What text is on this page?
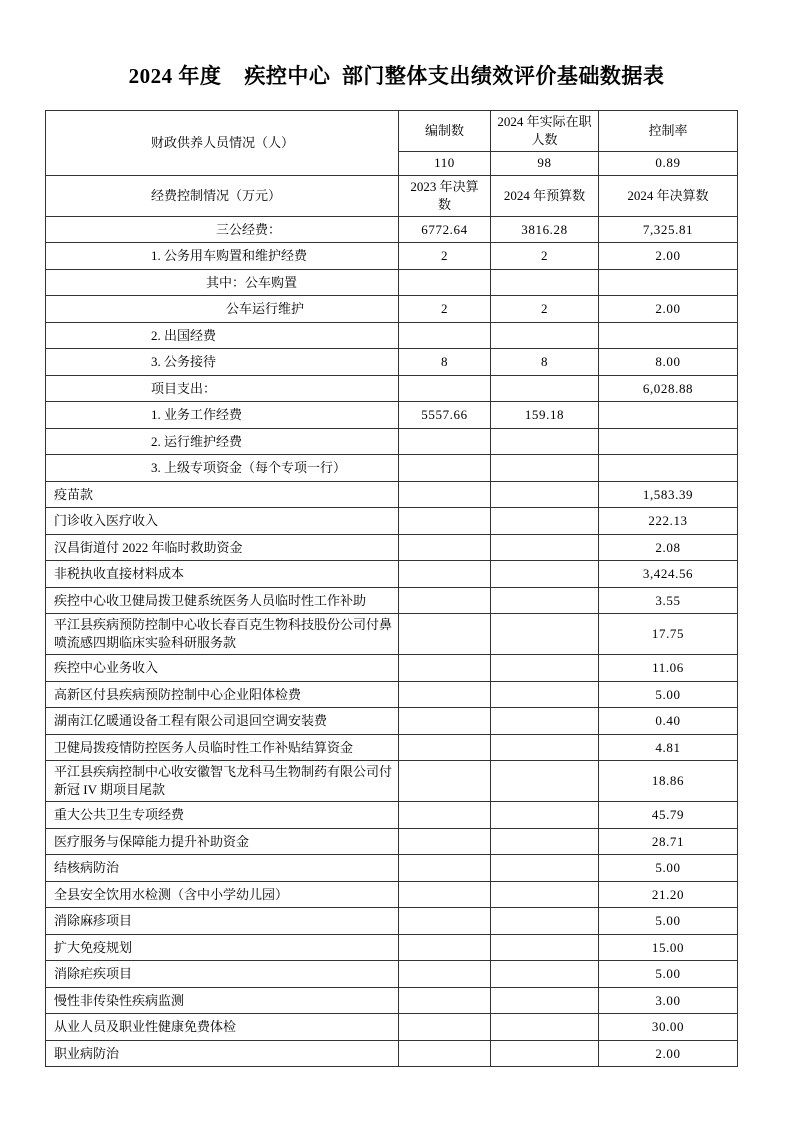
2024 年度    疾控中心  部门整体支出绩效评价基础数据表
财政供养人员情况（人）	编制数	2024 年实际在职人数	控制率
	110	98	0.89
经费控制情况（万元）	2023 年决算数	2024 年预算数	2024 年决算数
三公经费：	6772.64	3816.28	7,325.81
1. 公务用车购置和维护经费	2	2	2.00
其中：公车购置			
公车运行维护	2	2	2.00
2. 出国经费			
3. 公务接待	8	8	8.00
项目支出：			6,028.88
1. 业务工作经费	5557.66	159.18	
2. 运行维护经费			
3. 上级专项资金（每个专项一行）			
疫苗款			1,583.39
门诊收入医疗收入			222.13
汉昌街道付 2022 年临时救助资金			2.08
非税执收直接材料成本			3,424.56
疾控中心收卫健局拨卫健系统医务人员临时性工作补助			3.55
平江县疾病预防控制中心收长春百克生物科技股份公司付鼻喷流感四期临床实验科研服务款			17.75
疾控中心业务收入			11.06
高新区付县疾病预防控制中心企业阳体检费			5.00
湖南江亿暖通设备工程有限公司退回空调安装费			0.40
卫健局拨疫情防控医务人员临时性工作补贴结算资金			4.81
平江县疾病控制中心收安徽智飞龙科马生物制药有限公司付新冠 IV 期项目尾款			18.86
重大公共卫生专项经费			45.79
医疗服务与保障能力提升补助资金			28.71
结核病防治			5.00
全县安全饮用水检测（含中小学幼儿园）			21.20
消除麻疹项目			5.00
扩大免疫规划			15.00
消除疟疾项目			5.00
慢性非传染性疾病监测			3.00
从业人员及职业性健康免费体检			30.00
职业病防治			2.00
